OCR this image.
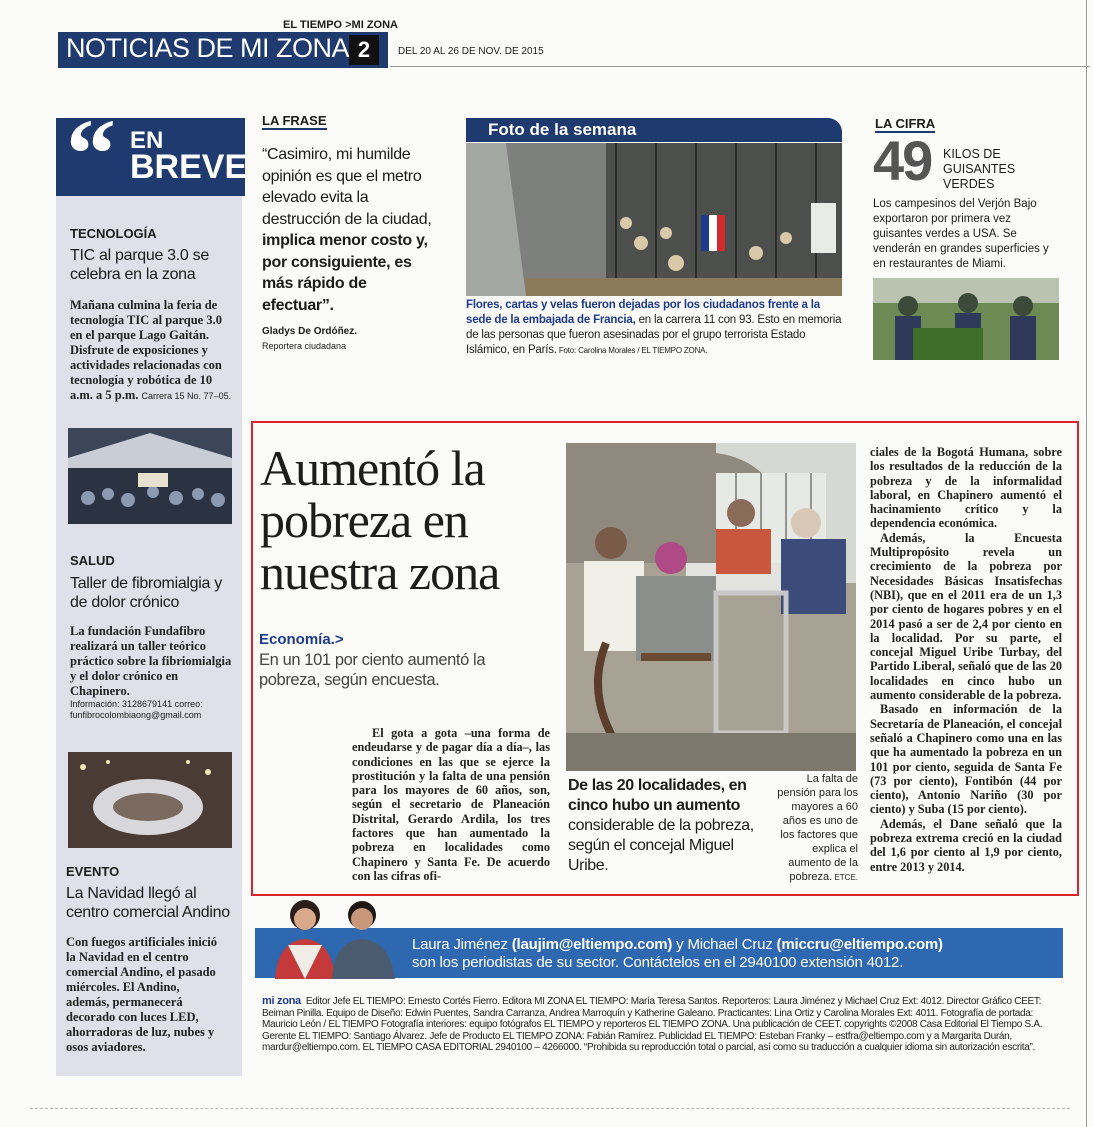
EL TIEMPO >MI ZONA
NOTICIAS DE MI ZONA 2	DEL 20 AL 26 DE NOV. DE 2015
“ EN
BREVE
TECNOLOGÍA
TIC al parque 3.0 se celebra en la zona
Mañana culmina la feria de tecnología TIC al parque 3.0 en el parque Lago Gaitán. Disfrute de exposiciones y actividades relacionadas con tecnología y robótica de 10 a.m. a 5 p.m. Carrera 15 No. 77–05.
SALUD
Taller de fibromialgia y de dolor crónico
La fundación Fundafibro realizará un taller teórico práctico sobre la fibriomialgia y el dolor crónico en Chapinero.
Información: 3128679141 correo: funfibrocolombiaong@gmail.com
EVENTO
La Navidad llegó al centro comercial Andino
Con fuegos artificiales inició la Navidad en el centro comercial Andino, el pasado miércoles. El Andino, además, permanecerá decorado con luces LED, ahorradoras de luz, nubes y osos aviadores.
LA FRASE
“Casimiro, mi humilde opinión es que el metro elevado evita la destrucción de la ciudad, implica menor costo y, por consiguiente, es más rápido de efectuar”.
Gladys De Ordóñez.
Reportera ciudadana
Foto de la semana
Flores, cartas y velas fueron dejadas por los ciudadanos frente a la sede de la embajada de Francia, en la carrera 11 con 93. Esto en memoria de las personas que fueron asesinadas por el grupo terrorista Estado Islámico, en París. Foto: Carolina Morales / EL TIEMPO ZONA.
LA CIFRA
49 KILOS DE GUISANTES VERDES
Los campesinos del Verjón Bajo exportaron por primera vez guisantes verdes a USA. Se venderán en grandes superficies y en restaurantes de Miami.
Aumentó la pobreza en nuestra zona
Economía.>
En un 101 por ciento aumentó la pobreza, según encuesta.
El gota a gota –una forma de endeudarse y de pagar día a día–, las condiciones en las que se ejerce la prostitución y la falta de una pensión para los mayores de 60 años, son, según el secretario de Planeación Distrital, Gerardo Ardila, los tres factores que han aumentado la pobreza en localidades como Chapinero y Santa Fe. De acuerdo con las cifras ofi-
De las 20 localidades, en cinco hubo un aumento considerable de la pobreza, según el concejal Miguel Uribe.
La falta de pensión para los mayores a 60 años es uno de los factores que explica el aumento de la pobreza. ETCE.

ciales de la Bogotá Humana, sobre los resultados de la reducción de la pobreza y de la informalidad laboral, en Chapinero aumentó el hacinamiento crítico y la dependencia económica.

Además, la Encuesta Multipropósito revela un crecimiento de la pobreza por Necesidades Básicas Insatisfechas (NBI), que en el 2011 era de un 1,3 por ciento de hogares pobres y en el 2014 pasó a ser de 2,4 por ciento en la localidad. Por su parte, el concejal Miguel Uribe Turbay, del Partido Liberal, señaló que de las 20 localidades en cinco hubo un aumento considerable de la pobreza.

Basado en información de la Secretaría de Planeación, el concejal señaló a Chapinero como una en las que ha aumentado la pobreza en un 101 por ciento, seguida de Santa Fe (73 por ciento), Fontibón (44 por ciento), Antonio Nariño (30 por ciento) y Suba (15 por ciento).

Además, el Dane señaló que la pobreza extrema creció en la ciudad del 1,6 por ciento al 1,9 por ciento, entre 2013 y 2014.

Laura Jiménez (laujim@eltiempo.com) y Michael Cruz (miccru@eltiempo.com)
son los periodistas de su sector. Contáctelos en el 2940100 extensión 4012.
mi zona Editor Jefe EL TIEMPO: Ernesto Cortés Fierro. Editora MI ZONA EL TIEMPO: María Teresa Santos. Reporteros: Laura Jiménez y Michael Cruz Ext: 4012. Director Gráfico CEET: Beiman Pinilla. Equipo de Diseño: Edwin Puentes, Sandra Carranza, Andrea Marroquín y Katherine Galeano. Practicantes: Lina Ortiz y Carolina Morales Ext: 4011. Fotografía de portada: Mauricio León / EL TIEMPO Fotografía interiores: equipo fotógrafos EL TIEMPO y reporteros EL TIEMPO ZONA. Una publicación de CEET. copyrights ©2008 Casa Editorial El Tiempo S.A. Gerente EL TIEMPO: Santiago Álvarez. Jefe de Producto EL TIEMPO ZONA: Fabián Ramírez. Publicidad EL TIEMPO: Esteban Franky – estfra@eltiempo.com y a Margarita Durán, mardur@eltiempo.com. EL TIEMPO CASA EDITORIAL 2940100 – 4266000. “Prohibida su reproducción total o parcial, así como su traducción a cualquier idioma sin autorización escrita”.
